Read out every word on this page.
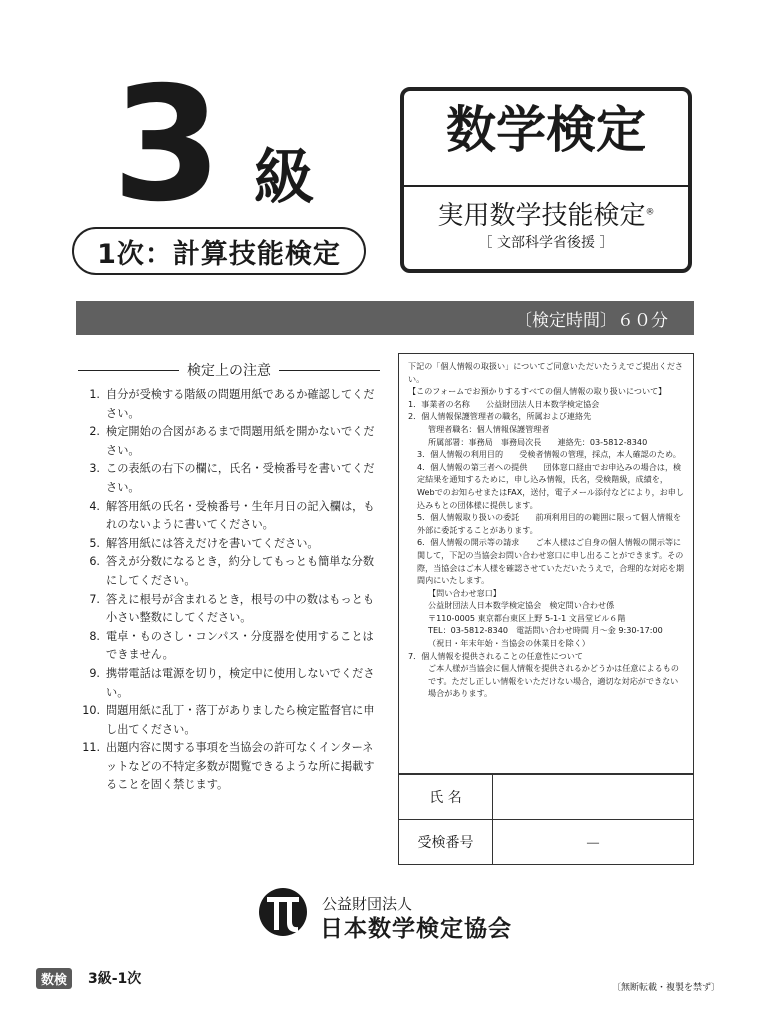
3 級
1次：計算技能検定
数学検定
実用数学技能検定®
［ 文部科学省後援 ］
〔検定時間〕６０分
検定上の注意
1. 自分が受検する階級の問題用紙であるか確認してください。
2. 検定開始の合図があるまで問題用紙を開かないでください。
3. この表紙の右下の欄に，氏名・受検番号を書いてください。
4. 解答用紙の氏名・受検番号・生年月日の記入欄は，もれのないように書いてください。
5. 解答用紙には答えだけを書いてください。
6. 答えが分数になるとき，約分してもっとも簡単な分数にしてください。
7. 答えに根号が含まれるとき，根号の中の数はもっとも小さい整数にしてください。
8. 電卓・ものさし・コンパス・分度器を使用することはできません。
9. 携帯電話は電源を切り，検定中に使用しないでください。
10. 問題用紙に乱丁・落丁がありましたら検定監督官に申し出てください。
11. 出題内容に関する事項を当協会の許可なくインターネットなどの不特定多数が閲覧できるような所に掲載することを固く禁じます。

下記の「個人情報の取扱い」についてご同意いただいたうえでご提出ください。

【このフォームでお預かりするすべての個人情報の取り扱いについて】

1．事業者の名称　　公益財団法人日本数学検定協会

2．個人情報保護管理者の職名，所属および連絡先

管理者職名：個人情報保護管理者

所属部署：事務局　事務局次長　　連絡先：03-5812-8340

3．個人情報の利用目的　　受検者情報の管理，採点，本人確認のため。

4．個人情報の第三者への提供　　団体窓口経由でお申込みの場合は，検定結果を通知するために，申し込み情報，氏名，受検階級，成績を，Webでのお知らせまたはFAX，送付，電子メール添付などにより，お申し込みもとの団体様に提供します。

5．個人情報取り扱いの委託　　前項利用目的の範囲に限って個人情報を外部に委託することがあります。

6．個人情報の開示等の請求　　ご本人様はご自身の個人情報の開示等に関して，下記の当協会お問い合わせ窓口に申し出ることができます。その際，当協会はご本人様を確認させていただいたうえで，合理的な対応を期間内にいたします。

【問い合わせ窓口】

公益財団法人日本数学検定協会　検定問い合わせ係

〒110-0005 東京都台東区上野 5-1-1 文昌堂ビル６階

TEL：03-5812-8340　電話問い合わせ時間 月〜金 9:30-17:00

（祝日・年末年始・当協会の休業日を除く）

7．個人情報を提供されることの任意性について

ご本人様が当協会に個人情報を提供されるかどうかは任意によるものです。ただし正しい情報をいただけない場合，適切な対応ができない場合があります。

氏 名	
受検番号	－
公益財団法人
日本数学検定協会
数検	3級-1次
〔無断転載・複製を禁ず〕
